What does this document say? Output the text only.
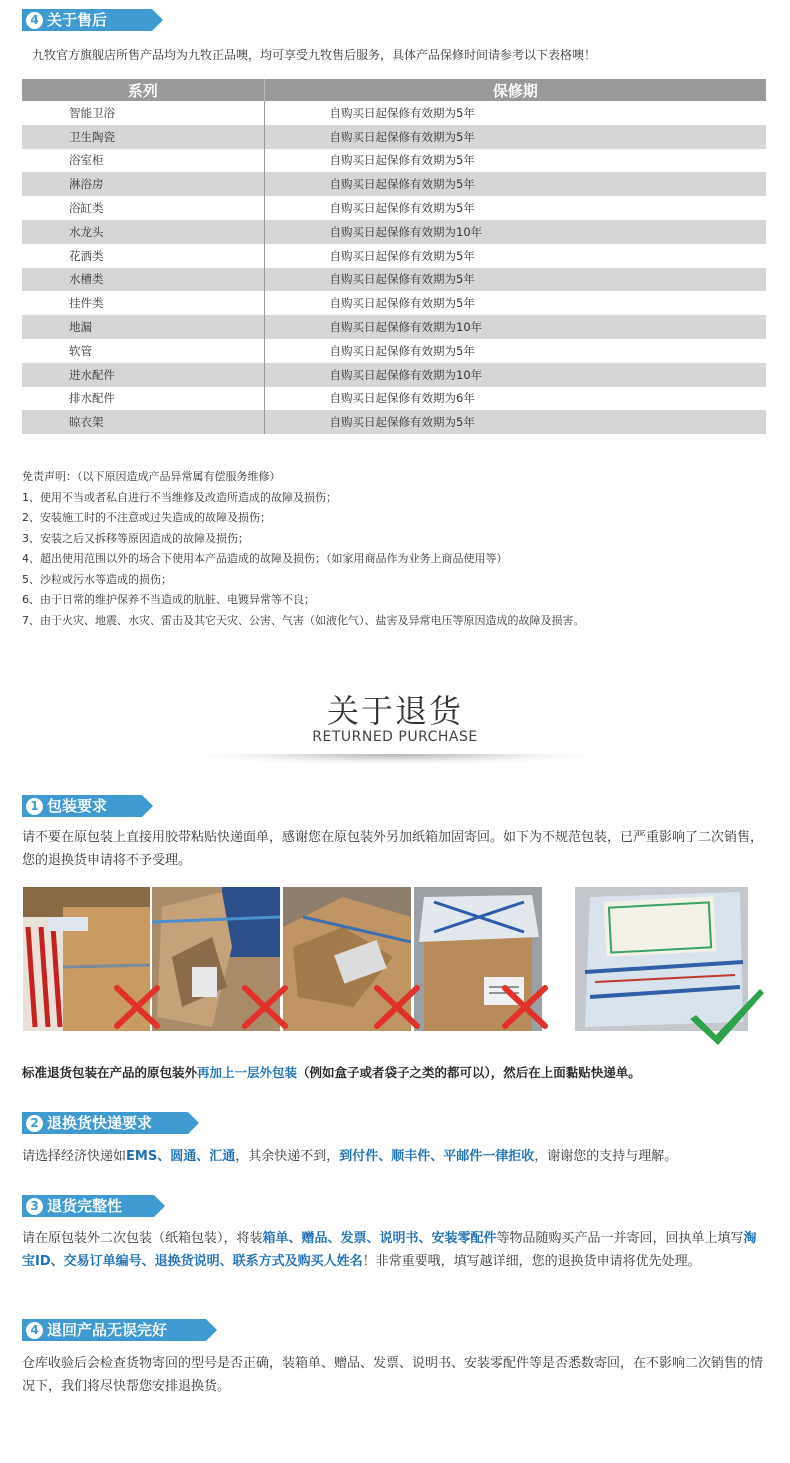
4 关于售后
九牧官方旗舰店所售产品均为九牧正品噢，均可享受九牧售后服务，具体产品保修时间请参考以下表格噢！
系列	保修期
智能卫浴	自购买日起保修有效期为5年
卫生陶瓷	自购买日起保修有效期为5年
浴室柜	自购买日起保修有效期为5年
淋浴房	自购买日起保修有效期为5年
浴缸类	自购买日起保修有效期为5年
水龙头	自购买日起保修有效期为10年
花洒类	自购买日起保修有效期为5年
水槽类	自购买日起保修有效期为5年
挂件类	自购买日起保修有效期为5年
地漏	自购买日起保修有效期为10年
软管	自购买日起保修有效期为5年
进水配件	自购买日起保修有效期为10年
排水配件	自购买日起保修有效期为6年
晾衣架	自购买日起保修有效期为5年
免责声明：（以下原因造成产品异常属有偿服务维修）
1、使用不当或者私自进行不当维修及改造所造成的故障及损伤；
2、安装施工时的不注意或过失造成的故障及损伤；
3、安装之后又拆移等原因造成的故障及损伤；
4、超出使用范围以外的场合下使用本产品造成的故障及损伤；（如家用商品作为业务上商品使用等）
5、沙粒或污水等造成的损伤；
6、由于日常的维护保养不当造成的肮脏、电镀异常等不良；
7、由于火灾、地震、水灾、雷击及其它天灾、公害、气害（如液化气）、盐害及异常电压等原因造成的故障及损害。
关于退货
RETURNED PURCHASE
1 包装要求
请不要在原包装上直接用胶带粘贴快递面单，感谢您在原包装外另加纸箱加固寄回。如下为不规范包装，已严重影响了二次销售，您的退换货申请将不予受理。
标准退货包装在产品的原包装外再加上一层外包装（例如盒子或者袋子之类的都可以），然后在上面黏贴快递单。
2 退换货快递要求
请选择经济快递如EMS、圆通、汇通，其余快递不到，到付件、顺丰件、平邮件一律拒收，谢谢您的支持与理解。
3 退货完整性
请在原包装外二次包装（纸箱包装），将装箱单、赠品、发票、说明书、安装零配件等物品随购买产品一并寄回，回执单上填写淘宝ID、交易订单编号、退换货说明、联系方式及购买人姓名！非常重要哦，填写越详细，您的退换货申请将优先处理。
4 退回产品无误完好
仓库收验后会检查货物寄回的型号是否正确，装箱单、赠品、发票、说明书、安装零配件等是否悉数寄回，在不影响二次销售的情况下，我们将尽快帮您安排退换货。
